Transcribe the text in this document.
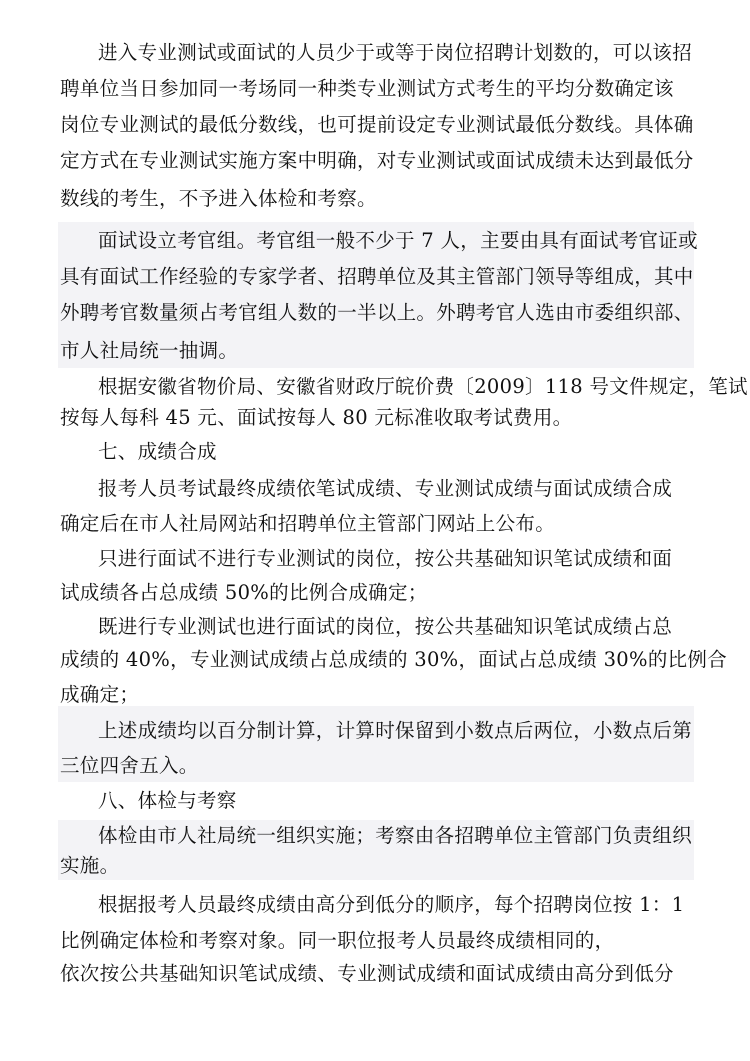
进入专业测试或面试的人员少于或等于岗位招聘计划数的，可以该招
聘单位当日参加同一考场同一种类专业测试方式考生的平均分数确定该
岗位专业测试的最低分数线，也可提前设定专业测试最低分数线。具体确
定方式在专业测试实施方案中明确，对专业测试或面试成绩未达到最低分
数线的考生，不予进入体检和考察。
面试设立考官组。考官组一般不少于 7 人，主要由具有面试考官证或
具有面试工作经验的专家学者、招聘单位及其主管部门领导等组成，其中
外聘考官数量须占考官组人数的一半以上。外聘考官人选由市委组织部、
市人社局统一抽调。
根据安徽省物价局、安徽省财政厅皖价费〔2009〕118 号文件规定，笔试
按每人每科 45 元、面试按每人 80 元标准收取考试费用。
七、成绩合成
报考人员考试最终成绩依笔试成绩、专业测试成绩与面试成绩合成
确定后在市人社局网站和招聘单位主管部门网站上公布。
只进行面试不进行专业测试的岗位，按公共基础知识笔试成绩和面
试成绩各占总成绩 50%的比例合成确定；
既进行专业测试也进行面试的岗位，按公共基础知识笔试成绩占总
成绩的 40%，专业测试成绩占总成绩的 30%，面试占总成绩 30%的比例合
成确定；
上述成绩均以百分制计算，计算时保留到小数点后两位，小数点后第
三位四舍五入。
八、体检与考察
体检由市人社局统一组织实施；考察由各招聘单位主管部门负责组织
实施。
根据报考人员最终成绩由高分到低分的顺序，每个招聘岗位按 1：1
比例确定体检和考察对象。同一职位报考人员最终成绩相同的，
依次按公共基础知识笔试成绩、专业测试成绩和面试成绩由高分到低分
